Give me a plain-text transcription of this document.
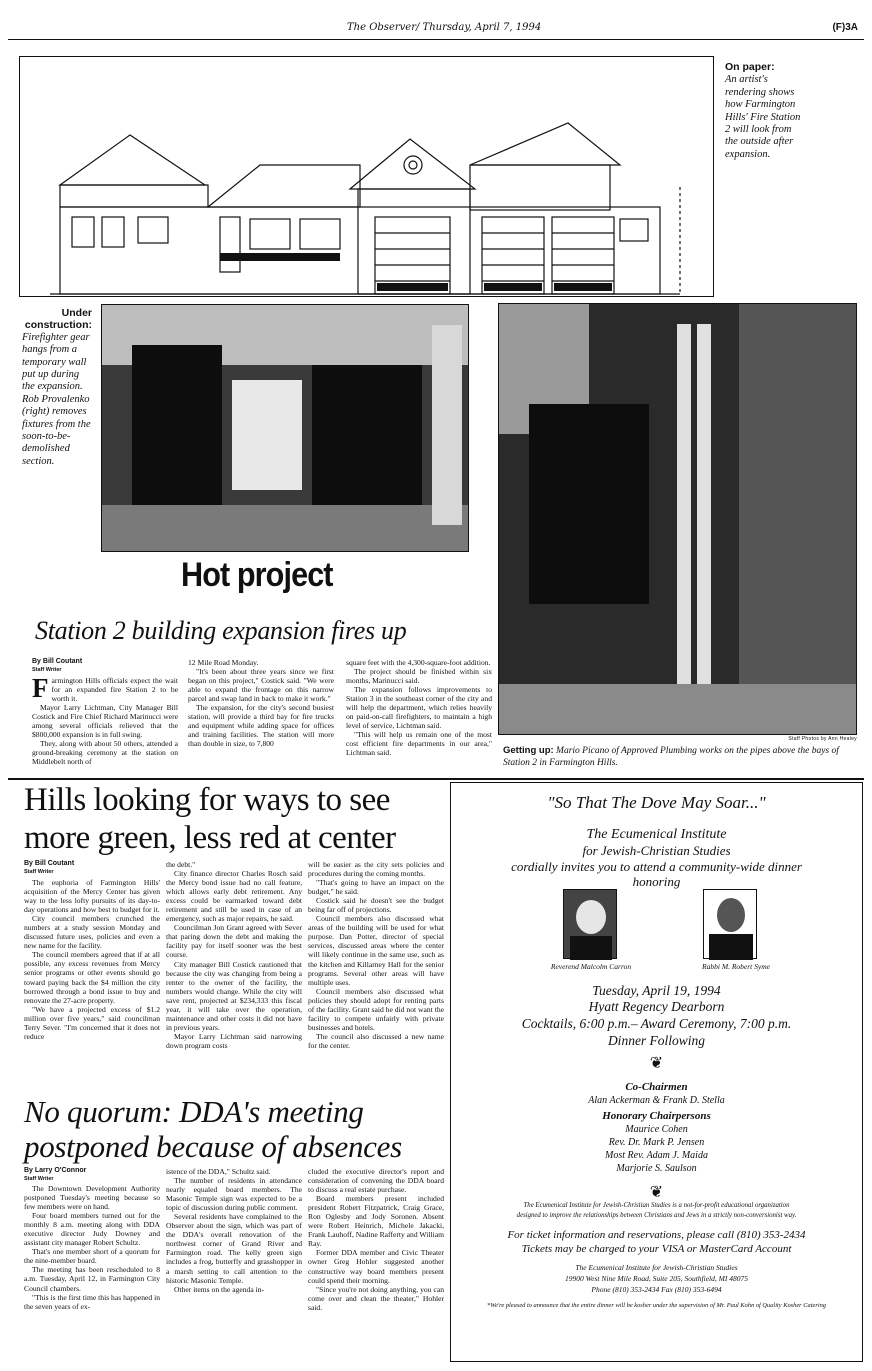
The Observer/ Thursday, April 7, 1994	(F)3A
On paper:
An artist's rendering shows how Farmington Hills' Fire Station 2 will look from the outside after expansion.
Under construction:
Firefighter gear hangs from a temporary wall put up during the expansion. Rob Provalenko (right) removes fixtures from the soon-to-be-demolished section.
Staff Photos by Ann Healey
Getting up: Mario Picano of Approved Plumbing works on the pipes above the bays of Station 2 in Farmington Hills.
Hot project
Station 2 building expansion fires up
By Bill Coutant
Staff Writer
F armington Hills officials expect the wait for an expanded fire Station 2 to be worth it.

Mayor Larry Lichtman, City Manager Bill Costick and Fire Chief Richard Marinucci were among several officials relieved that the $800,000 expansion is in full swing.

They, along with about 50 others, attended a ground-breaking ceremony at the station on Middlebelt north of

12 Mile Road Monday.

"It's been about three years since we first began on this project," Costick said. "We were able to expand the frontage on this narrow parcel and swap land in back to make it work."

The expansion, for the city's second busiest station, will provide a third bay for fire trucks and equipment while adding space for offices and training facilities. The station will more than double in size, to 7,800

square feet with the 4,300-square-foot addition.

The project should be finished within six months, Marinucci said.

The expansion follows improvements to Station 3 in the southeast corner of the city and will help the department, which relies heavily on paid-on-call firefighters, to maintain a high level of service, Lichtman said.

"This will help us remain one of the most cost efficient fire departments in our area," Lichtman said.

Hills looking for ways to see
more green, less red at center
By Bill Coutant
Staff Writer

The euphoria of Farmington Hills' acquisition of the Mercy Center has given way to the less lofty pursuits of its day-to-day operations and how best to budget for it.

City council members crunched the numbers at a study session Monday and discussed future uses, policies and even a new name for the facility.

The council members agreed that if at all possible, any excess revenues from Mercy senior programs or other events should go toward paying back the $4 million the city borrowed through a bond issue to buy and renovate the 27-acre property.

"We have a projected excess of $1.2 million over five years," said councilman Terry Sever. "I'm concerned that it does not reduce

the debt."

City finance director Charles Rosch said the Mercy bond issue had no call feature, which allows early debt retirement. Any excess could be earmarked toward debt retirement and still be used in case of an emergency, such as major repairs, he said.

Councilman Jon Grant agreed with Sever that paring down the debt and making the facility pay for itself sooner was the best course.

City manager Bill Costick cautioned that because the city was changing from being a renter to the owner of the facility, the numbers would change. While the city will save rent, projected at $234,333 this fiscal year, it will take over the operation, maintenance and other costs it did not have in previous years.

Mayor Larry Lichtman said narrowing down program costs

will be easier as the city sets policies and procedures during the coming months.

"That's going to have an impact on the budget," he said.

Costick said he doesn't see the budget being far off of projections.

Council members also discussed what areas of the building will be used for what purpose. Dan Potter, director of special services, discussed areas where the center will likely continue in the same use, such as the kitchen and Killarney Hall for the senior programs. Several other areas will have multiple uses.

Council members also discussed what policies they should adopt for renting parts of the facility. Grant said he did not want the facility to compete unfairly with private businesses and hotels.

The council also discussed a new name for the center.

No quorum: DDA's meeting
postponed because of absences
By Larry O'Connor
Staff Writer

The Downtown Development Authority postponed Tuesday's meeting because so few members were on hand.

Four board members turned out for the monthly 8 a.m. meeting along with DDA executive director Judy Downey and assistant city manager Robert Schultz.

That's one member short of a quorum for the nine-member board.

The meeting has been rescheduled to 8 a.m. Tuesday, April 12, in Farmington City Council chambers.

"This is the first time this has happened in the seven years of ex-

istence of the DDA," Schultz said.

The number of residents in attendance nearly equaled board members. The Masonic Temple sign was expected to be a topic of discussion during public comment.

Several residents have complained to the Observer about the sign, which was part of the DDA's overall renovation of the northwest corner of Grand River and Farmington road. The kelly green sign includes a frog, butterfly and grasshopper in a marsh setting to call attention to the historic Masonic Temple.

Other items on the agenda in-

cluded the executive director's report and consideration of convening the DDA board to discuss a real estate purchase.

Board members present included president Robert Fitzpatrick, Craig Grace, Ron Oglesby and Jody Soronen. Absent were Robert Heinrich, Michele Jakacki, Frank Lauhoff, Nadine Rafferty and William Ray.

Former DDA member and Civic Theater owner Greg Hohler suggested another constructive way board members present could spend their morning.

"Since you're not doing anything, you can come over and clean the theater," Hohler said.

"So That The Dove May Soar..."
The Ecumenical Institute
for Jewish-Christian Studies
cordially invites you to attend a community-wide dinner
honoring
Reverend Malcolm Carron	Rabbi M. Robert Syme
Tuesday, April 19, 1994
Hyatt Regency Dearborn
Cocktails, 6:00 p.m.– Award Ceremony, 7:00 p.m.
Dinner Following
❦
Co-Chairmen
Alan Ackerman & Frank D. Stella
Honorary Chairpersons
Maurice Cohen
Rev. Dr. Mark P. Jensen
Most Rev. Adam J. Maida
Marjorie S. Saulson
❦
The Ecumenical Institute for Jewish-Christian Studies is a not-for-profit educational organization
designed to improve the relationships between Christians and Jews in a strictly non-conversionist way.
For ticket information and reservations, please call (810) 353-2434
Tickets may be charged to your VISA or MasterCard Account
The Ecumenical Institute for Jewish-Christian Studies
19900 West Nine Mile Road, Suite 205, Southfield, MI 48075
Phone (810) 353-2434 Fax (810) 353-6494
*We're pleased to announce that the entire dinner will be kosher under the supervision of Mr. Paul Kohn of Quality Kosher Catering
